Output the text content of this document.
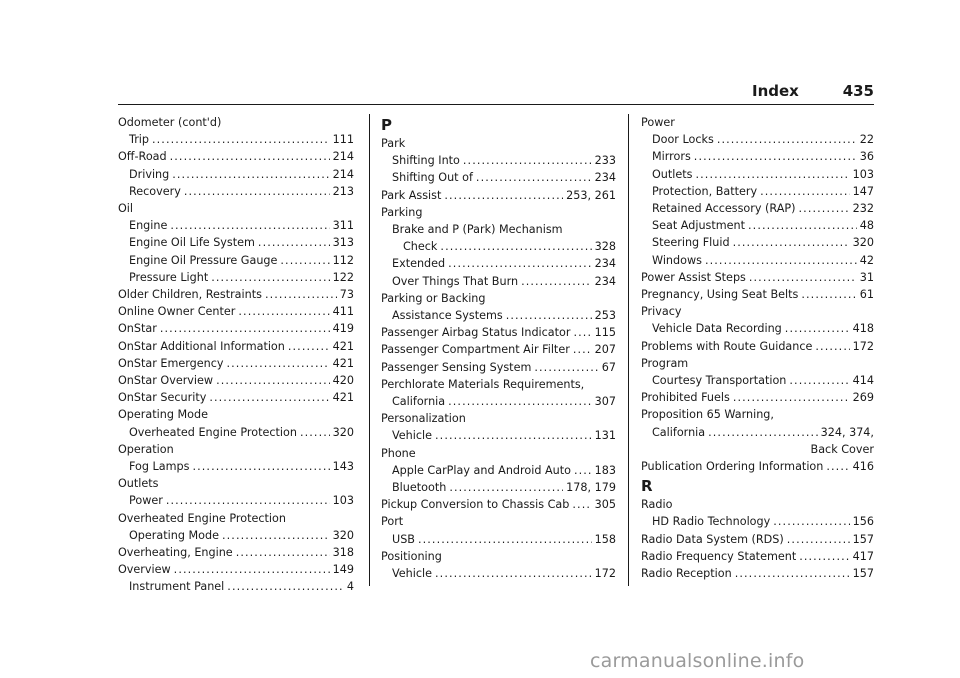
Index	435
Odometer (cont'd)
Trip .....	111
Off-Road .....	214
Driving .....	214
Recovery .....	213
Oil
Engine .....	311
Engine Oil Life System .....	313
Engine Oil Pressure Gauge .....	112
Pressure Light .....	122
Older Children, Restraints .....	73
Online Owner Center .....	411
OnStar .....	419
OnStar Additional Information .....	421
OnStar Emergency .....	421
OnStar Overview .....	420
OnStar Security .....	421
Operating Mode
Overheated Engine Protection .....	320
Operation
Fog Lamps .....	143
Outlets
Power .....	103
Overheated Engine Protection
Operating Mode .....	320
Overheating, Engine .....	318
Overview .....	149
Instrument Panel .....	4
P
Park
Shifting Into .....	233
Shifting Out of .....	234
Park Assist .....	253, 261
Parking
Brake and P (Park) Mechanism
Check .....	328
Extended .....	234
Over Things That Burn .....	234
Parking or Backing
Assistance Systems .....	253
Passenger Airbag Status Indicator ..... 115
Passenger Compartment Air Filter ..... 207
Passenger Sensing System .....	67
Perchlorate Materials Requirements,
California .....	307
Personalization
Vehicle .....	131
Phone
Apple CarPlay and Android Auto ..... 183
Bluetooth .....	178, 179
Pickup Conversion to Chassis Cab ..... 305
Port
USB .....	158
Positioning
Vehicle .....	172
Power
Door Locks .....	22
Mirrors .....	36
Outlets .....	103
Protection, Battery .....	147
Retained Accessory (RAP) .....	232
Seat Adjustment .....	48
Steering Fluid .....	320
Windows .....	42
Power Assist Steps .....	31
Pregnancy, Using Seat Belts .....	61
Privacy
Vehicle Data Recording .....	418
Problems with Route Guidance .....	172
Program
Courtesy Transportation .....	414
Prohibited Fuels .....	269
Proposition 65 Warning,
California .....	324, 374,
Back Cover
Publication Ordering Information .....	416
R
Radio
HD Radio Technology .....	156
Radio Data System (RDS) .....	157
Radio Frequency Statement .....	417
Radio Reception .....	157
carmanualsonline.info
